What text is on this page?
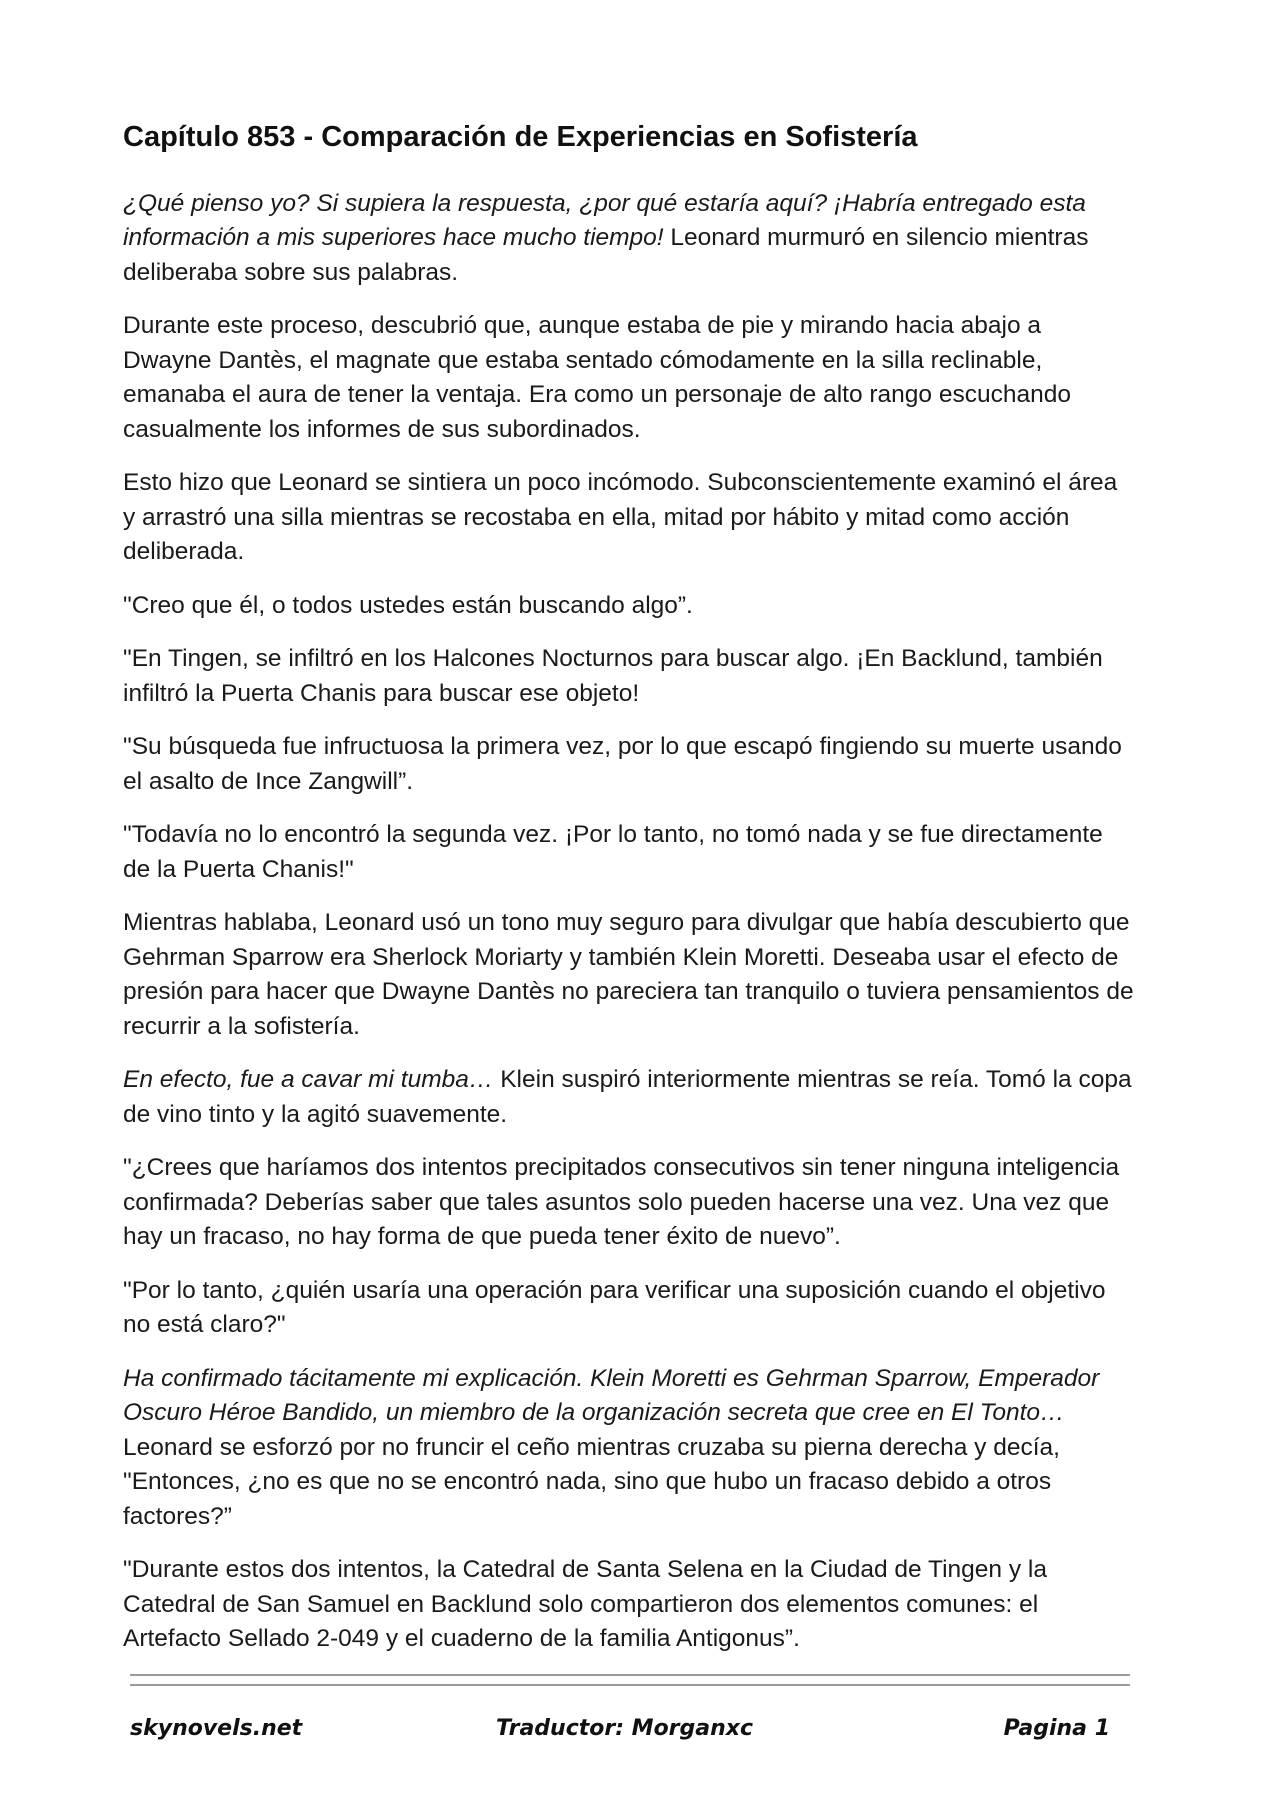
Capítulo 853 - Comparación de Experiencias en Sofistería

¿Qué pienso yo? Si supiera la respuesta, ¿por qué estaría aquí? ¡Habría entregado esta información a mis superiores hace mucho tiempo! Leonard murmuró en silencio mientras deliberaba sobre sus palabras.

Durante este proceso, descubrió que, aunque estaba de pie y mirando hacia abajo a Dwayne Dantès, el magnate que estaba sentado cómodamente en la silla reclinable, emanaba el aura de tener la ventaja. Era como un personaje de alto rango escuchando casualmente los informes de sus subordinados.

Esto hizo que Leonard se sintiera un poco incómodo. Subconscientemente examinó el área y arrastró una silla mientras se recostaba en ella, mitad por hábito y mitad como acción deliberada.

"Creo que él, o todos ustedes están buscando algo”.

"En Tingen, se infiltró en los Halcones Nocturnos para buscar algo. ¡En Backlund, también infiltró la Puerta Chanis para buscar ese objeto!

"Su búsqueda fue infructuosa la primera vez, por lo que escapó fingiendo su muerte usando el asalto de Ince Zangwill”.

"Todavía no lo encontró la segunda vez. ¡Por lo tanto, no tomó nada y se fue directamente de la Puerta Chanis!"

Mientras hablaba, Leonard usó un tono muy seguro para divulgar que había descubierto que Gehrman Sparrow era Sherlock Moriarty y también Klein Moretti. Deseaba usar el efecto de presión para hacer que Dwayne Dantès no pareciera tan tranquilo o tuviera pensamientos de recurrir a la sofistería.

En efecto, fue a cavar mi tumba… Klein suspiró interiormente mientras se reía. Tomó la copa de vino tinto y la agitó suavemente.

"¿Crees que haríamos dos intentos precipitados consecutivos sin tener ninguna inteligencia confirmada? Deberías saber que tales asuntos solo pueden hacerse una vez. Una vez que hay un fracaso, no hay forma de que pueda tener éxito de nuevo”.

"Por lo tanto, ¿quién usaría una operación para verificar una suposición cuando el objetivo no está claro?"

Ha confirmado tácitamente mi explicación. Klein Moretti es Gehrman Sparrow, Emperador Oscuro Héroe Bandido, un miembro de la organización secreta que cree en El Tonto… Leonard se esforzó por no fruncir el ceño mientras cruzaba su pierna derecha y decía, "Entonces, ¿no es que no se encontró nada, sino que hubo un fracaso debido a otros factores?”

"Durante estos dos intentos, la Catedral de Santa Selena en la Ciudad de Tingen y la Catedral de San Samuel en Backlund solo compartieron dos elementos comunes: el Artefacto Sellado 2-049 y el cuaderno de la familia Antigonus”.

skynovels.net	Traductor: Morganxc	Pagina 1
